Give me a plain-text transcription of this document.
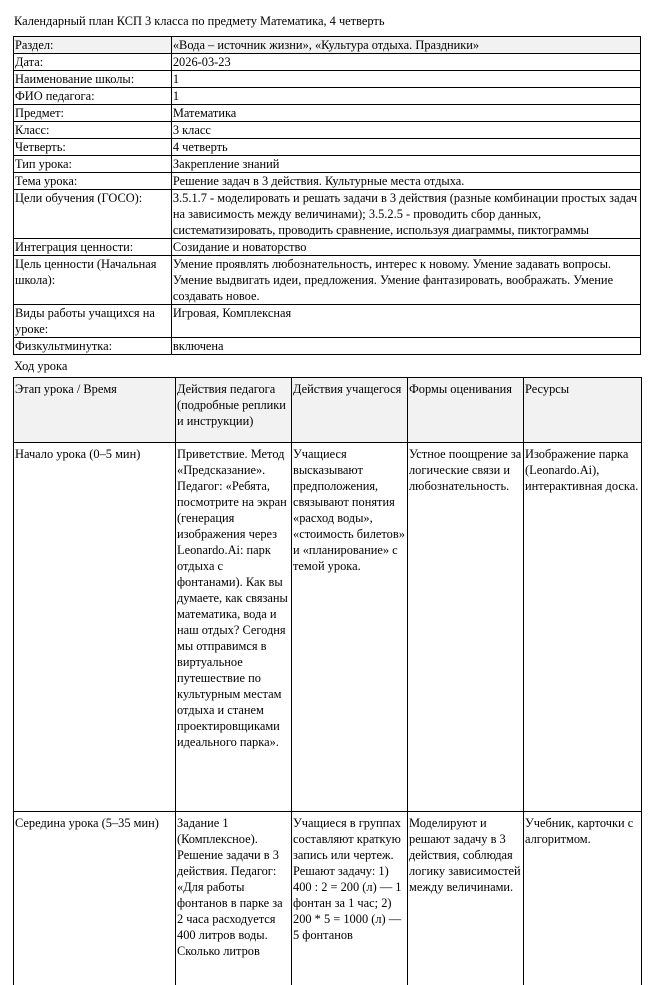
Календарный план КСП 3 класса по предмету Математика, 4 четверть
Раздел:	«Вода – источник жизни», «Культура отдыха. Праздники»
Дата:	2026-03-23
Наименование школы:	1
ФИО педагога:	1
Предмет:	Математика
Класс:	3 класс
Четверть:	4 четверть
Тип урока:	Закрепление знаний
Тема урока:	Решение задач в 3 действия. Культурные места отдыха.
Цели обучения (ГОСО):	3.5.1.7 - моделировать и решать задачи в 3 действия (разные комбинации простых задач на зависимость между величинами); 3.5.2.5 - проводить сбор данных, систематизировать, проводить сравнение, используя диаграммы, пиктограммы
Интеграция ценности:	Созидание и новаторство
Цель ценности (Начальная школа):	Умение проявлять любознательность, интерес к новому. Умение задавать вопросы. Умение выдвигать идеи, предложения. Умение фантазировать, воображать. Умение создавать новое.
Виды работы учащихся на уроке:	Игровая, Комплексная
Физкультминутка:	включена
Ход урока
Этап урока / Время	Действия педагога (подробные реплики и инструкции)	Действия учащегося	Формы оценивания	Ресурсы
Начало урока (0–5 мин)	Приветствие. Метод «Предсказание». Педагог: «Ребята, посмотрите на экран (генерация изображения через Leonardo.Ai: парк отдыха с фонтанами). Как вы думаете, как связаны математика, вода и наш отдых? Сегодня мы отправимся в виртуальное путешествие по культурным местам отдыха и станем проектировщиками идеального парка».	Учащиеся высказывают предположения, связывают понятия «расход воды», «стоимость билетов» и «планирование» с темой урока.	Устное поощрение за логические связи и любознательность.	Изображение парка (Leonardo.Ai), интерактивная доска.
Середина урока (5–35 мин)	Задание 1 (Комплексное). Решение задачи в 3 действия. Педагог: «Для работы фонтанов в парке за 2 часа расходуется 400 литров воды. Сколько литров	Учащиеся в группах составляют краткую запись или чертеж. Решают задачу: 1) 400 : 2 = 200 (л) — 1 фонтан за 1 час; 2) 200 * 5 = 1000 (л) — 5 фонтанов	Моделируют и решают задачу в 3 действия, соблюдая логику зависимостей между величинами.	Учебник, карточки с алгоритмом.
